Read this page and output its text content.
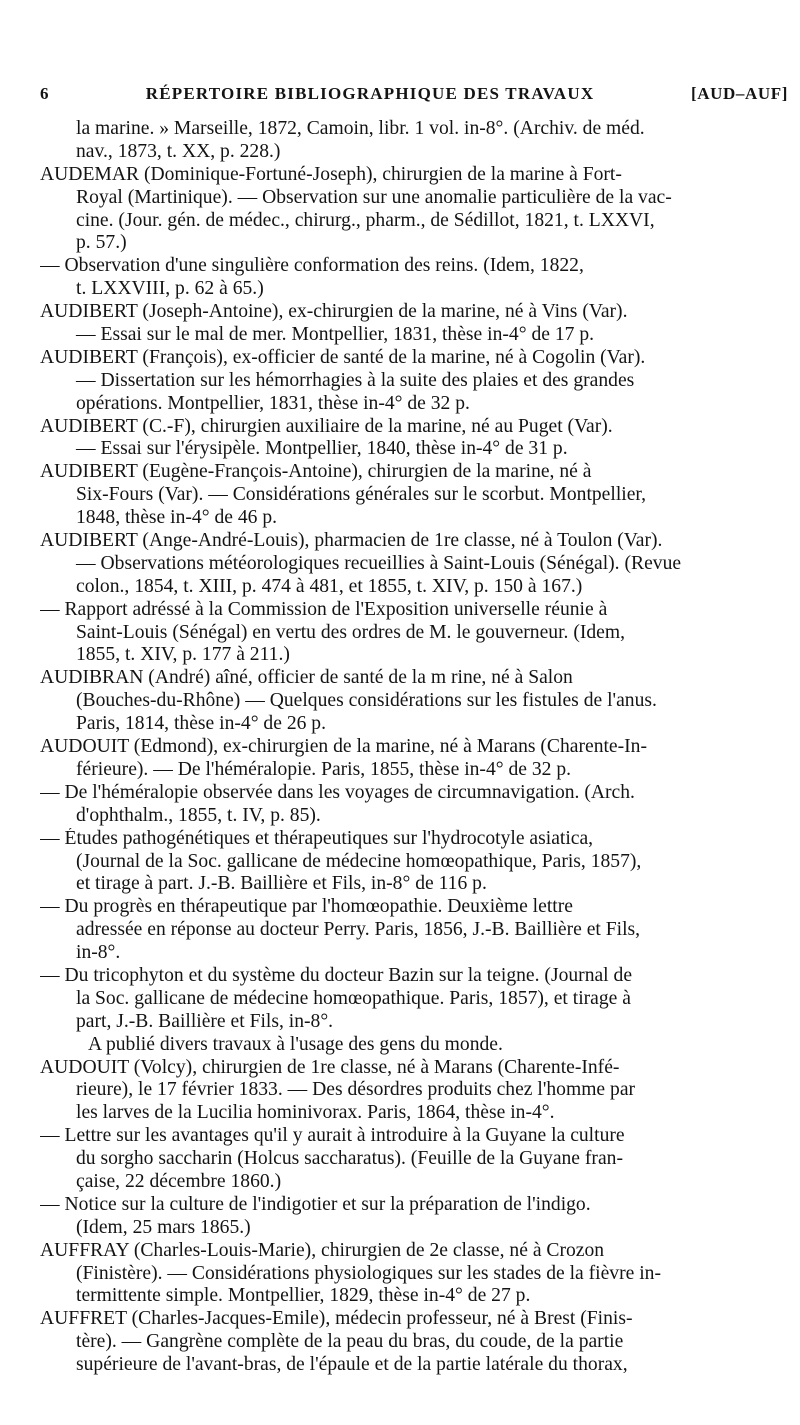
6	RÉPERTOIRE BIBLIOGRAPHIQUE DES TRAVAUX	[AUD–AUF]
la marine. » Marseille, 1872, Camoin, libr. 1 vol. in-8°. (Archiv. de méd.
nav., 1873, t. XX, p. 228.)
AUDEMAR (Dominique-Fortuné-Joseph), chirurgien de la marine à Fort-
Royal (Martinique). — Observation sur une anomalie particulière de la vac-
cine. (Jour. gén. de médec., chirurg., pharm., de Sédillot, 1821, t. LXXVI,
p. 57.)
— Observation d'une singulière conformation des reins. (Idem, 1822,
t. LXXVIII, p. 62 à 65.)
AUDIBERT (Joseph-Antoine), ex-chirurgien de la marine, né à Vins (Var).
— Essai sur le mal de mer. Montpellier, 1831, thèse in-4° de 17 p.
AUDIBERT (François), ex-officier de santé de la marine, né à Cogolin (Var).
— Dissertation sur les hémorrhagies à la suite des plaies et des grandes
opérations. Montpellier, 1831, thèse in-4° de 32 p.
AUDIBERT (C.-F), chirurgien auxiliaire de la marine, né au Puget (Var).
— Essai sur l'érysipèle. Montpellier, 1840, thèse in-4° de 31 p.
AUDIBERT (Eugène-François-Antoine), chirurgien de la marine, né à
Six-Fours (Var). — Considérations générales sur le scorbut. Montpellier,
1848, thèse in-4° de 46 p.
AUDIBERT (Ange-André-Louis), pharmacien de 1re classe, né à Toulon (Var).
— Observations météorologiques recueillies à Saint-Louis (Sénégal). (Revue
colon., 1854, t. XIII, p. 474 à 481, et 1855, t. XIV, p. 150 à 167.)
— Rapport adréssé à la Commission de l'Exposition universelle réunie à
Saint-Louis (Sénégal) en vertu des ordres de M. le gouverneur. (Idem,
1855, t. XIV, p. 177 à 211.)
AUDIBRAN (André) aîné, officier de santé de la m rine, né à Salon
(Bouches-du-Rhône) — Quelques considérations sur les fistules de l'anus.
Paris, 1814, thèse in-4° de 26 p.
AUDOUIT (Edmond), ex-chirurgien de la marine, né à Marans (Charente-In-
férieure). — De l'héméralopie. Paris, 1855, thèse in-4° de 32 p.
— De l'héméralopie observée dans les voyages de circumnavigation. (Arch.
d'ophthalm., 1855, t. IV, p. 85).
— Études pathogénétiques et thérapeutiques sur l'hydrocotyle asiatica,
(Journal de la Soc. gallicane de médecine homœopathique, Paris, 1857),
et tirage à part. J.-B. Baillière et Fils, in-8° de 116 p.
— Du progrès en thérapeutique par l'homœopathie. Deuxième lettre
adressée en réponse au docteur Perry. Paris, 1856, J.-B. Baillière et Fils,
in-8°.
— Du tricophyton et du système du docteur Bazin sur la teigne. (Journal de
la Soc. gallicane de médecine homœopathique. Paris, 1857), et tirage à
part, J.-B. Baillière et Fils, in-8°.
A publié divers travaux à l'usage des gens du monde.
AUDOUIT (Volcy), chirurgien de 1re classe, né à Marans (Charente-Infé-
rieure), le 17 février 1833. — Des désordres produits chez l'homme par
les larves de la Lucilia hominivorax. Paris, 1864, thèse in-4°.
— Lettre sur les avantages qu'il y aurait à introduire à la Guyane la culture
du sorgho saccharin (Holcus saccharatus). (Feuille de la Guyane fran-
çaise, 22 décembre 1860.)
— Notice sur la culture de l'indigotier et sur la préparation de l'indigo.
(Idem, 25 mars 1865.)
AUFFRAY (Charles-Louis-Marie), chirurgien de 2e classe, né à Crozon
(Finistère). — Considérations physiologiques sur les stades de la fièvre in-
termittente simple. Montpellier, 1829, thèse in-4° de 27 p.
AUFFRET (Charles-Jacques-Emile), médecin professeur, né à Brest (Finis-
tère). — Gangrène complète de la peau du bras, du coude, de la partie
supérieure de l'avant-bras, de l'épaule et de la partie latérale du thorax,
